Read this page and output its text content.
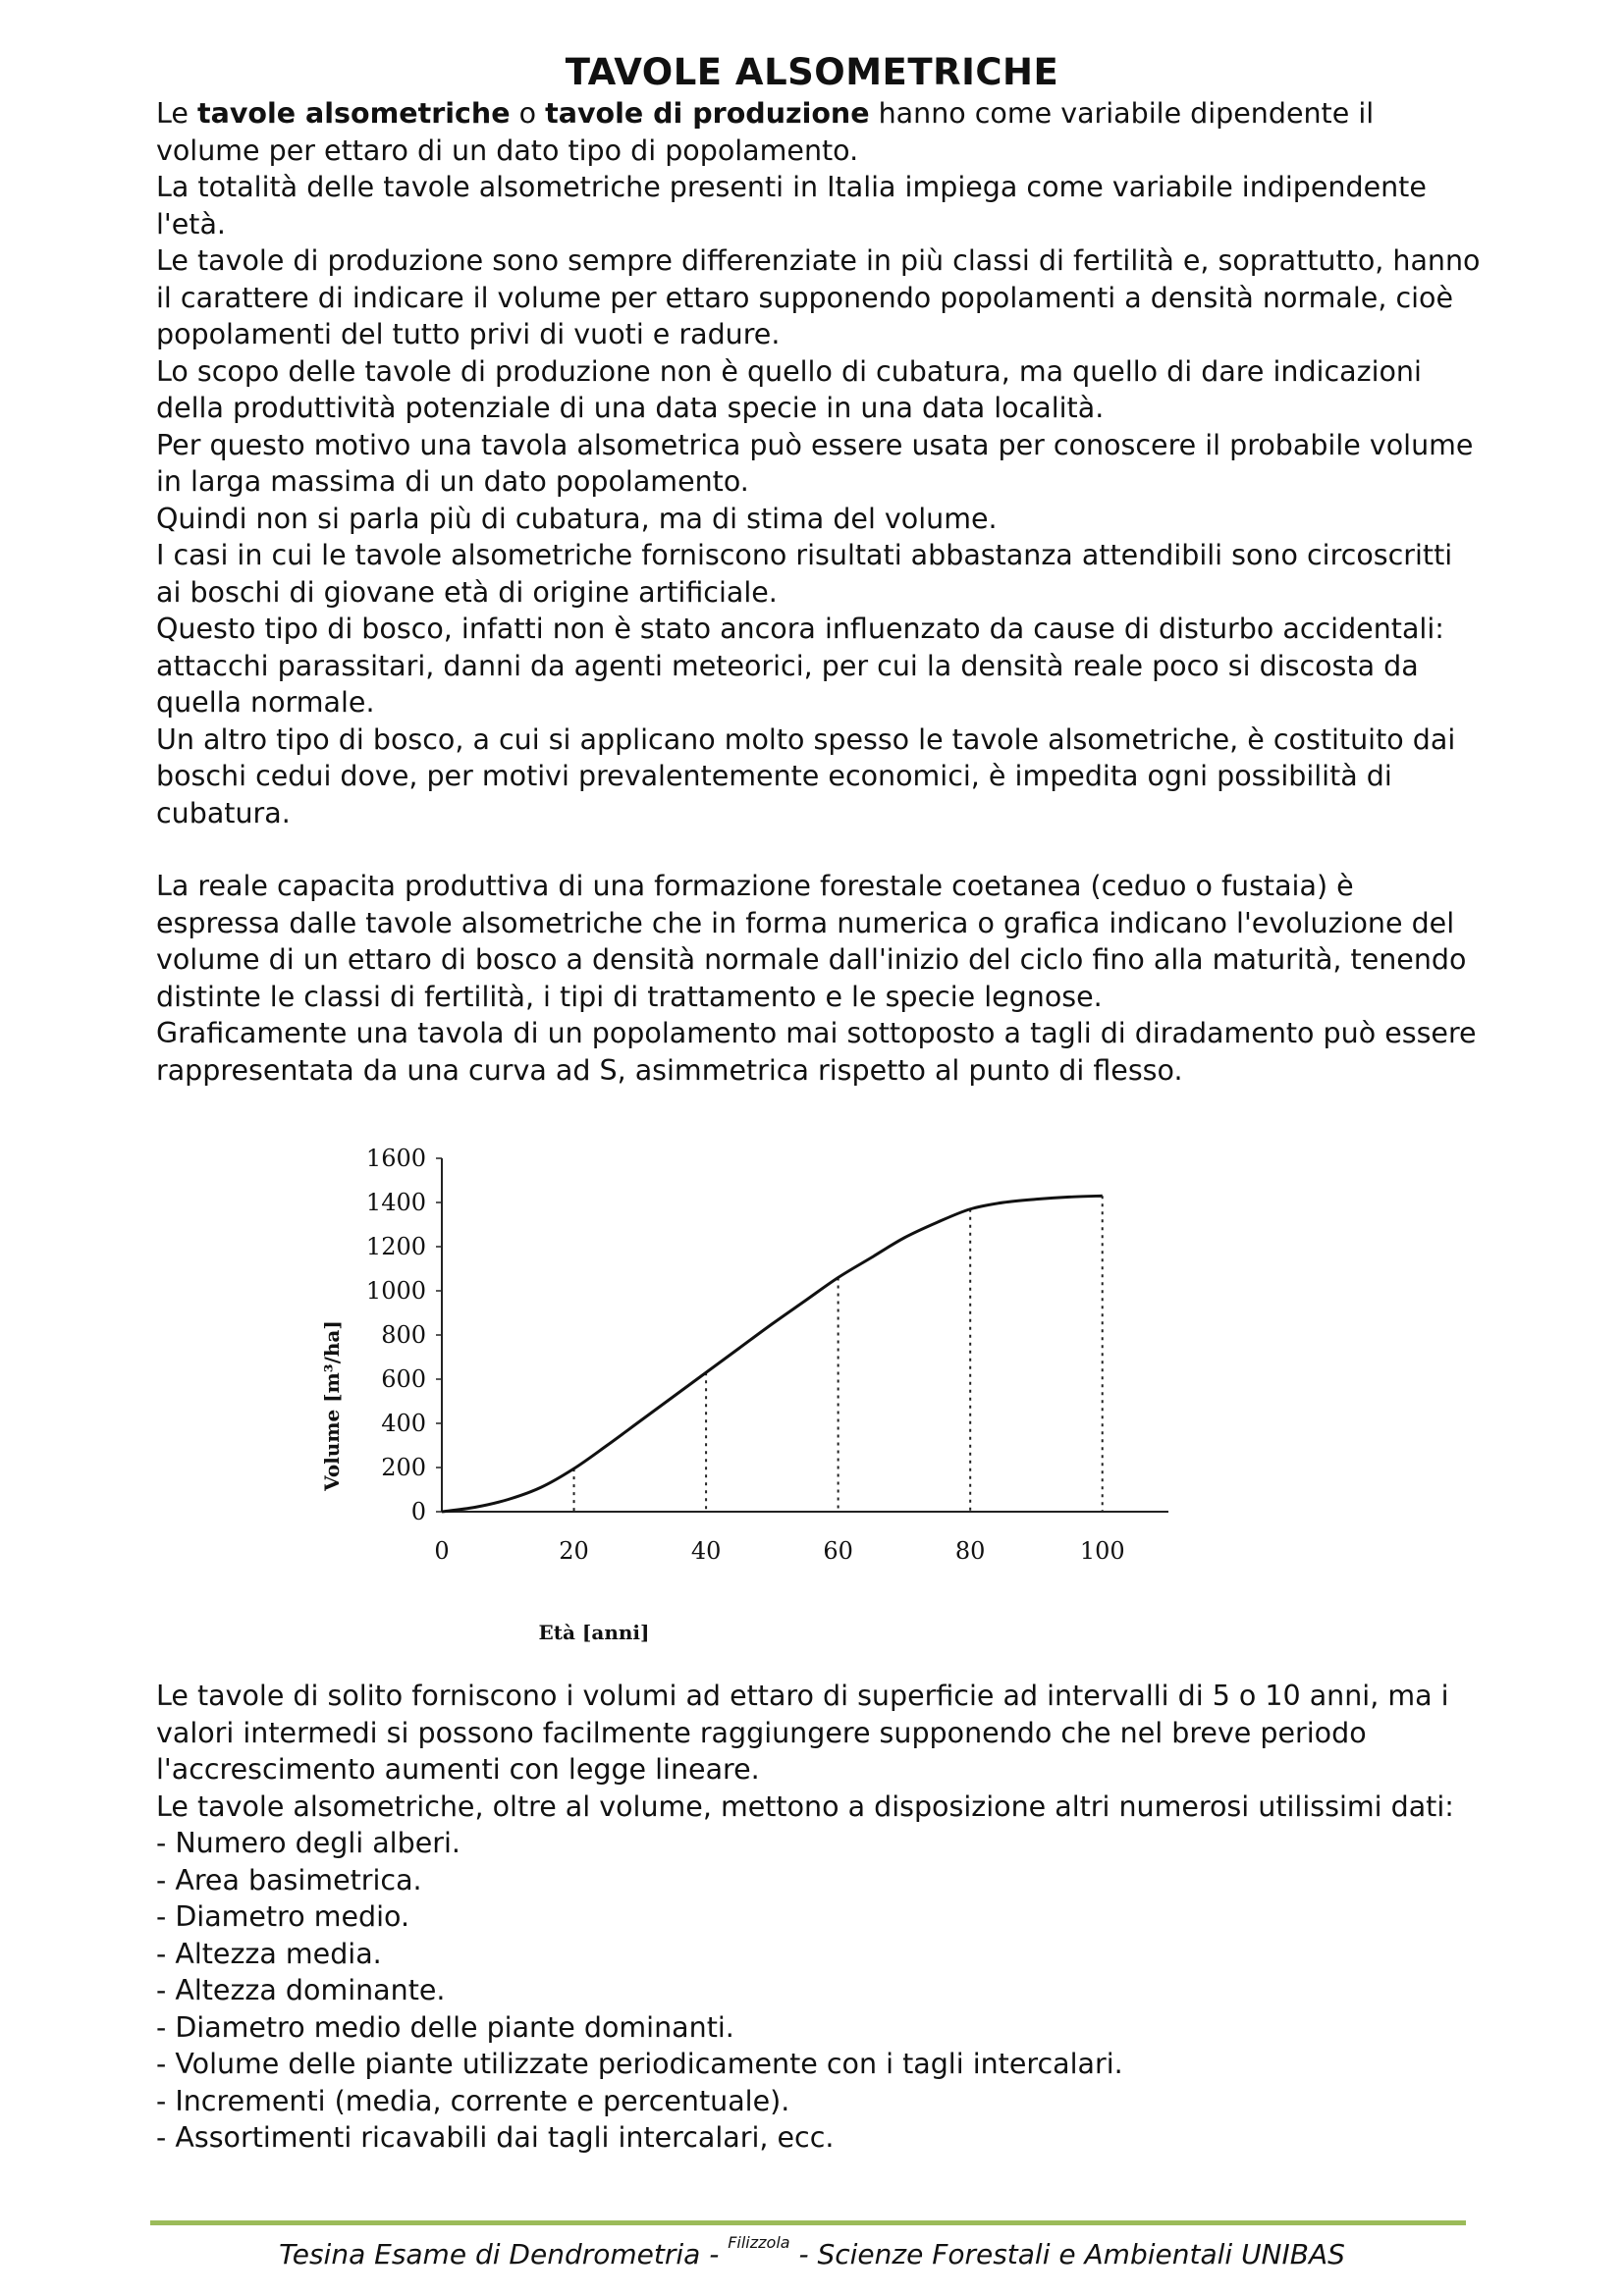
TAVOLE ALSOMETRICHE

Le tavole alsometriche o tavole di produzione hanno come variabile dipendente il volume per ettaro di un dato tipo di popolamento.

La totalità delle tavole alsometriche presenti in Italia impiega come variabile indipendente l'età.

Le tavole di produzione sono sempre differenziate in più classi di fertilità e, soprattutto, hanno il carattere di indicare il volume per ettaro supponendo popolamenti a densità normale, cioè popolamenti del tutto privi di vuoti e radure.

Lo scopo delle tavole di produzione non è quello di cubatura, ma quello di dare indicazioni della produttività potenziale di una data specie in una data località.

Per questo motivo una tavola alsometrica può essere usata per conoscere il probabile volume in larga massima di un dato popolamento.

Quindi non si parla più di cubatura, ma di stima del volume.

I casi in cui le tavole alsometriche forniscono risultati abbastanza attendibili sono circoscritti ai boschi di giovane età di origine artificiale.

Questo tipo di bosco, infatti non è stato ancora influenzato da cause di disturbo accidentali: attacchi parassitari, danni da agenti meteorici, per cui la densità reale poco si discosta da quella normale.

Un altro tipo di bosco, a cui si applicano molto spesso le tavole alsometriche, è costituito dai boschi cedui dove, per motivi prevalentemente economici, è impedita ogni possibilità di cubatura.

La reale capacita produttiva di una formazione forestale coetanea (ceduo o fustaia) è espressa dalle tavole alsometriche che in forma numerica o grafica indicano l'evoluzione del volume di un ettaro di bosco a densità normale dall'inizio del ciclo fino alla maturità, tenendo distinte le classi di fertilità, i tipi di trattamento e le specie legnose.

Graficamente una tavola di un popolamento mai sottoposto a tagli di diradamento può essere rappresentata da una curva ad S, asimmetrica rispetto al punto di flesso.

Volume [m³/ha]
Età [anni]
0
200
400
600
800
1000
1200
1400
1600
0	20	40	60	80	100

Le tavole di solito forniscono i volumi ad ettaro di superficie ad intervalli di 5 o 10 anni, ma i valori intermedi si possono facilmente raggiungere supponendo che nel breve periodo l'accrescimento aumenti con legge lineare.

Le tavole alsometriche, oltre al volume, mettono a disposizione altri numerosi utilissimi dati:

- Numero degli alberi.
- Area basimetrica.
- Diametro medio.
- Altezza media.
- Altezza dominante.
- Diametro medio delle piante dominanti.
- Volume delle piante utilizzate periodicamente con i tagli intercalari.
- Incrementi (media, corrente e percentuale).
- Assortimenti ricavabili dai tagli intercalari, ecc.
Tesina Esame di Dendrometria - $^{Filizzola}$ - Scienze Forestali e Ambientali UNIBAS
